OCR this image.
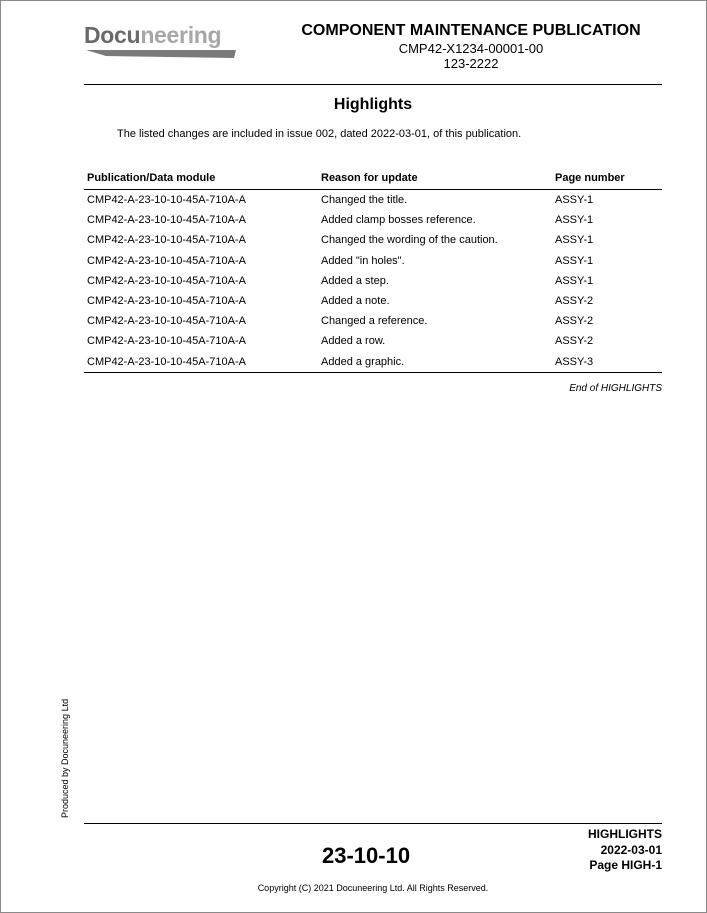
Docuneering	COMPONENT MAINTENANCE PUBLICATION
CMP42-X1234-00001-00
123-2222
Highlights
The listed changes are included in issue 002, dated 2022-03-01, of this publication.
Publication/Data module	Reason for update	Page number
CMP42-A-23-10-10-45A-710A-A	Changed the title.	ASSY-1
CMP42-A-23-10-10-45A-710A-A	Added clamp bosses reference.	ASSY-1
CMP42-A-23-10-10-45A-710A-A	Changed the wording of the caution.	ASSY-1
CMP42-A-23-10-10-45A-710A-A	Added "in holes".	ASSY-1
CMP42-A-23-10-10-45A-710A-A	Added a step.	ASSY-1
CMP42-A-23-10-10-45A-710A-A	Added a note.	ASSY-2
CMP42-A-23-10-10-45A-710A-A	Changed a reference.	ASSY-2
CMP42-A-23-10-10-45A-710A-A	Added a row.	ASSY-2
CMP42-A-23-10-10-45A-710A-A	Added a graphic.	ASSY-3
End of HIGHLIGHTS
Produced by Docuneering Ltd
23-10-10
HIGHLIGHTS
2022-03-01
Page HIGH-1
Copyright (C) 2021 Docuneering Ltd. All Rights Reserved.
